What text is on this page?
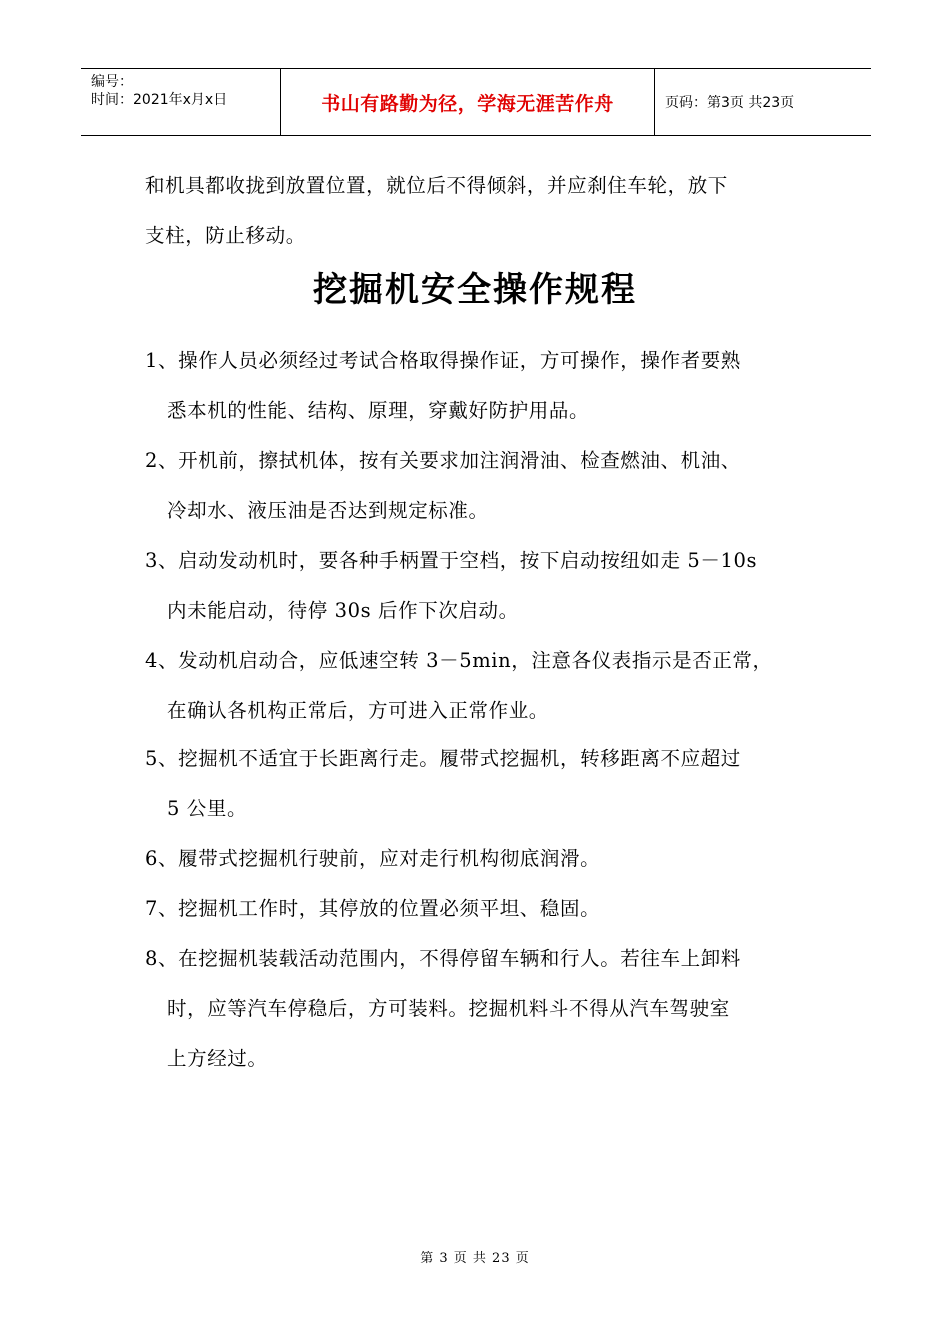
编号：
时间：2021年x月x日	书山有路勤为径，学海无涯苦作舟	页码：第3页 共23页
和机具都收拢到放置位置，就位后不得倾斜，并应刹住车轮，放下
支柱，防止移动。
挖掘机安全操作规程
1、操作人员必须经过考试合格取得操作证，方可操作，操作者要熟
悉本机的性能、结构、原理，穿戴好防护用品。
2、开机前，擦拭机体，按有关要求加注润滑油、检查燃油、机油、
冷却水、液压油是否达到规定标准。
3、启动发动机时，要各种手柄置于空档，按下启动按纽如走 5－10s
内未能启动，待停 30s 后作下次启动。
4、发动机启动合，应低速空转 3－5min，注意各仪表指示是否正常，
在确认各机构正常后，方可进入正常作业。
5、挖掘机不适宜于长距离行走。履带式挖掘机，转移距离不应超过
5 公里。
6、履带式挖掘机行驶前，应对走行机构彻底润滑。
7、挖掘机工作时，其停放的位置必须平坦、稳固。
8、在挖掘机装载活动范围内，不得停留车辆和行人。若往车上卸料
时，应等汽车停稳后，方可装料。挖掘机料斗不得从汽车驾驶室
上方经过。
第 3 页 共 23 页
